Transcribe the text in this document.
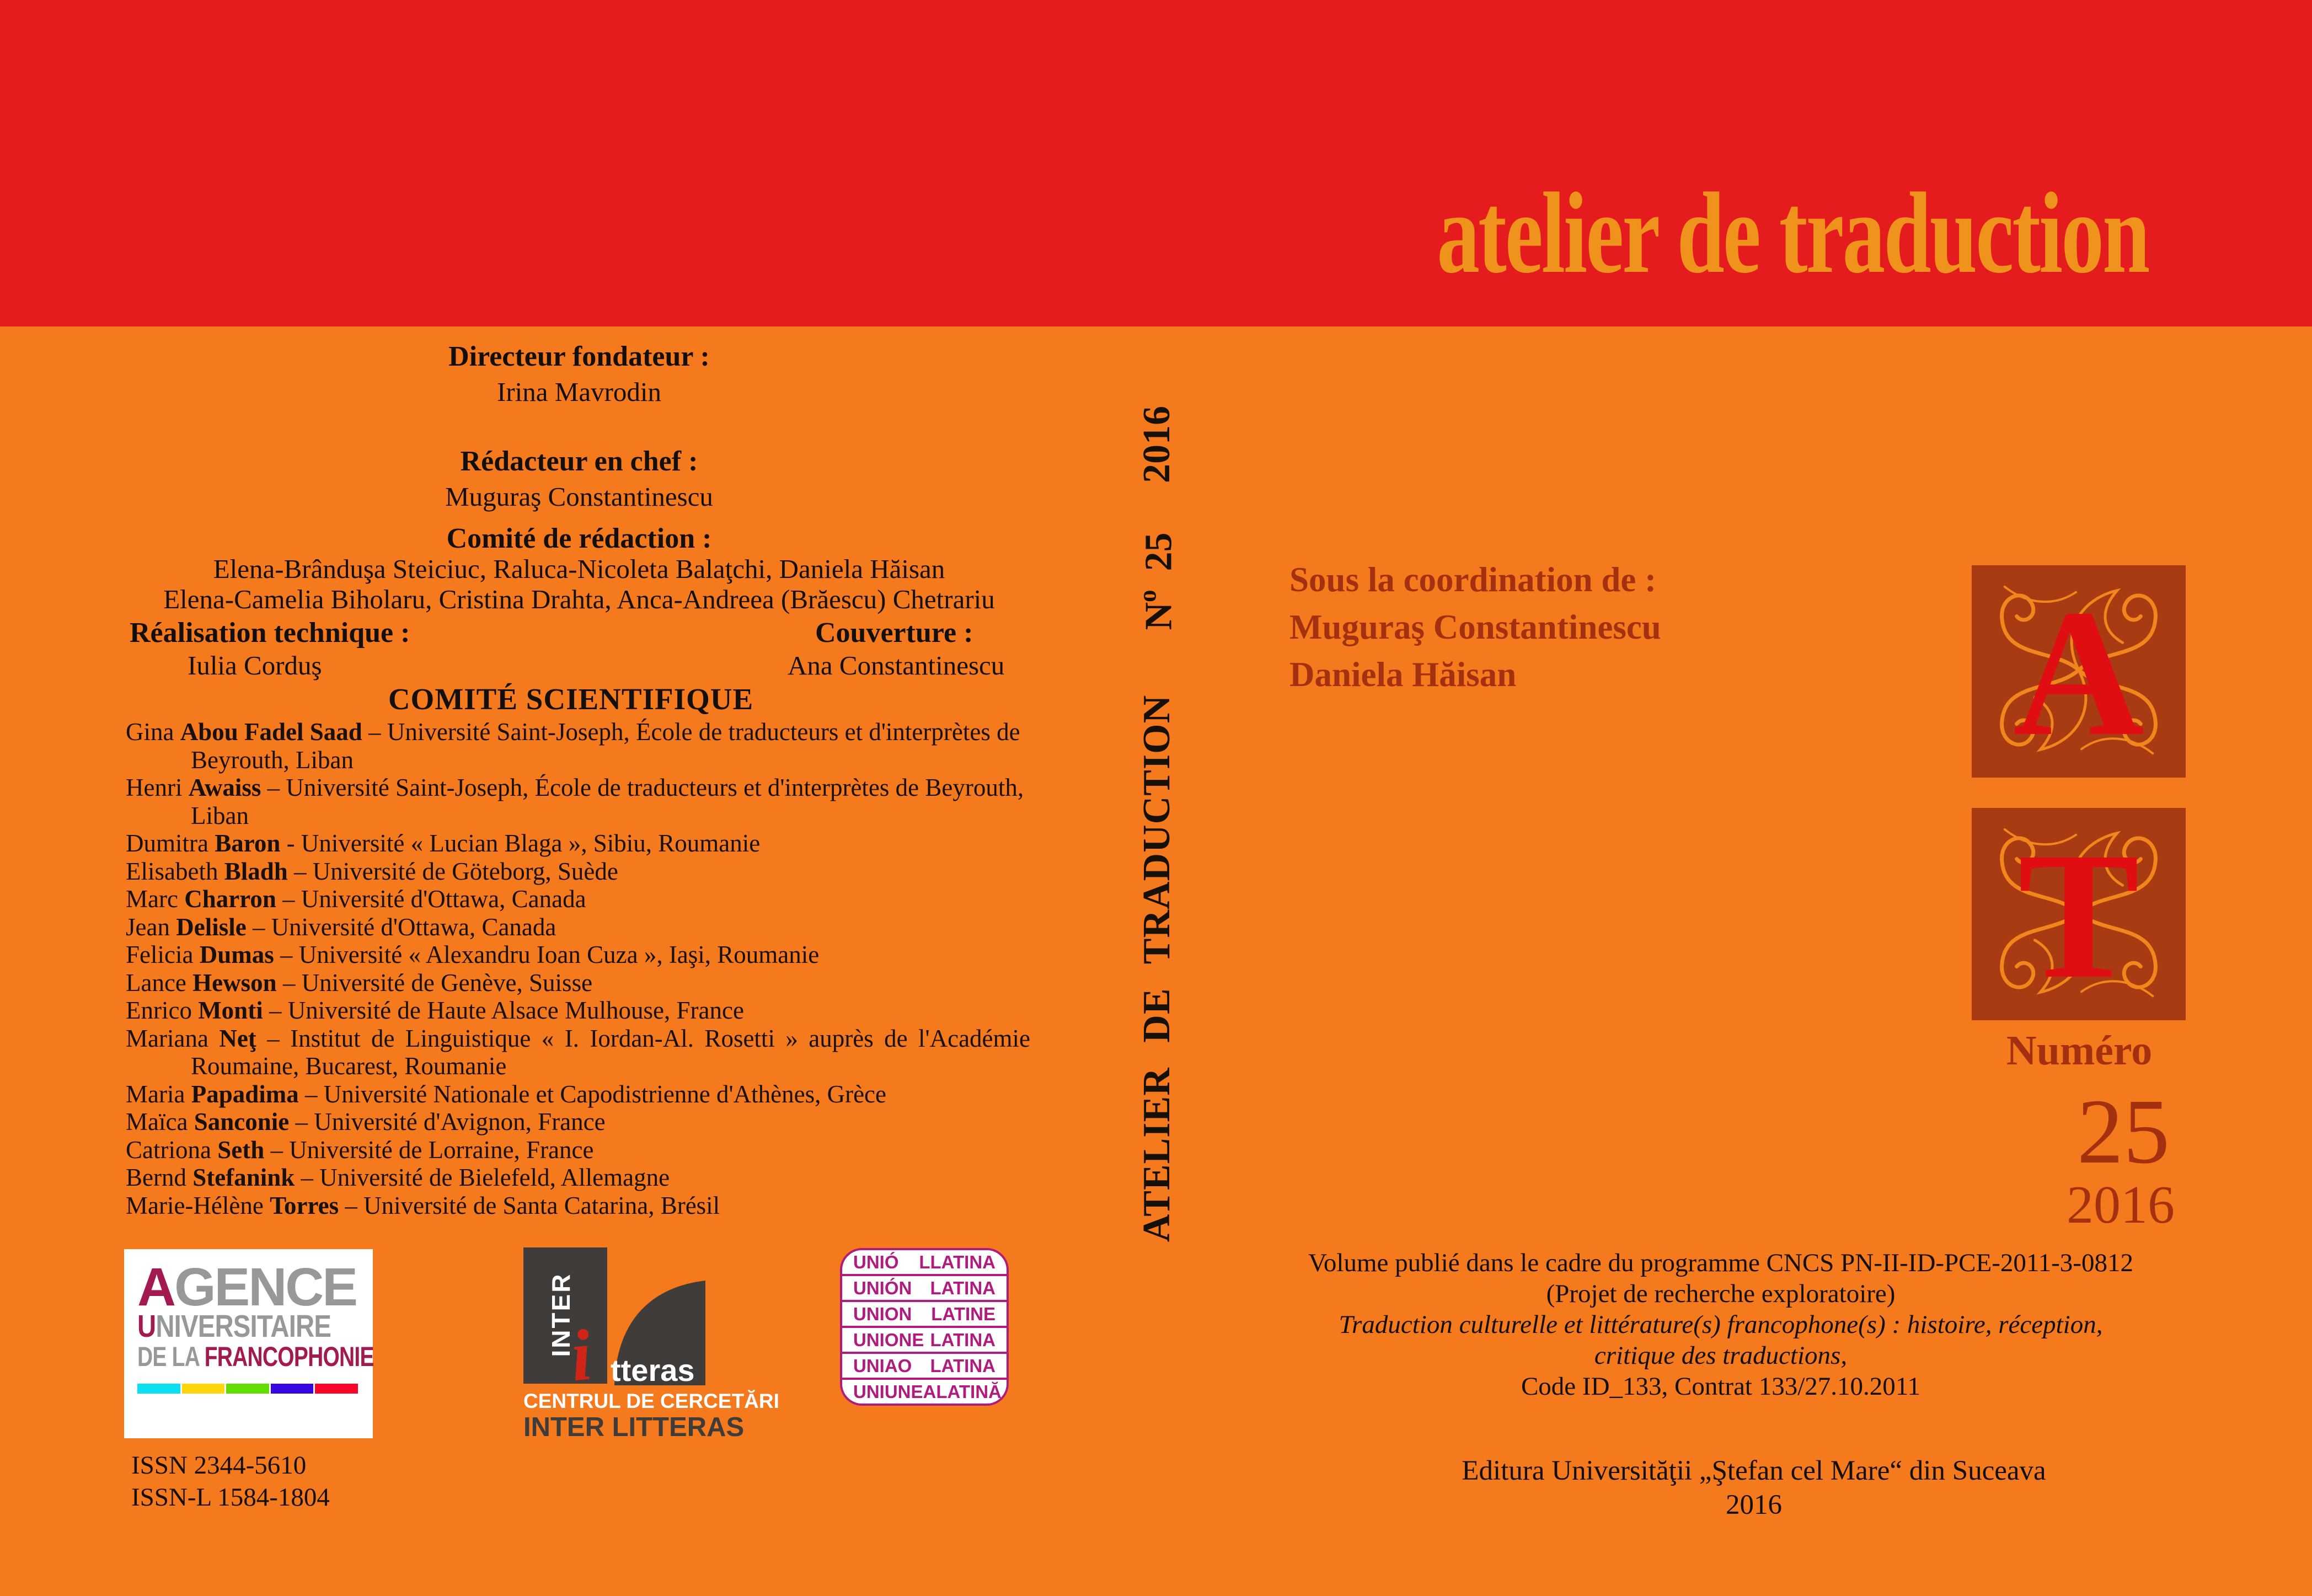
atelier de traduction
Directeur fondateur :
Irina Mavrodin
Rédacteur en chef :
Muguraş Constantinescu
Comité de rédaction :
Elena-Brânduşa Steiciuc, Raluca-Nicoleta Balaţchi, Daniela Hăisan
Elena-Camelia Biholaru, Cristina Drahta, Anca-Andreea (Brăescu) Chetrariu
Réalisation technique :
Iulia Corduş
Couverture :
Ana Constantinescu
COMITÉ SCIENTIFIQUE

Gina Abou Fadel Saad – Université Saint-Joseph, École de traducteurs et d'interprètes de Beyrouth, Liban

Henri Awaiss – Université Saint-Joseph, École de traducteurs et d'interprètes de Beyrouth, Liban

Dumitra Baron - Université « Lucian Blaga », Sibiu, Roumanie

Elisabeth Bladh – Université de Göteborg, Suède

Marc Charron – Université d'Ottawa, Canada

Jean Delisle – Université d'Ottawa, Canada

Felicia Dumas – Université « Alexandru Ioan Cuza », Iaşi, Roumanie

Lance Hewson – Université de Genève, Suisse

Enrico Monti – Université de Haute Alsace Mulhouse, France

Mariana Neţ – Institut de Linguistique « I. Iordan-Al. Rosetti » auprès de l'Académie Roumaine, Bucarest, Roumanie

Maria Papadima – Université Nationale et Capodistrienne d'Athènes, Grèce

Maïca Sanconie – Université d'Avignon, France

Catriona Seth – Université de Lorraine, France

Bernd Stefanink – Université de Bielefeld, Allemagne

Marie-Hélène Torres – Université de Santa Catarina, Brésil

AGENCE
UNIVERSITAIRE
DE LA FRANCOPHONIE	INTER
i tteras
CENTRUL DE CERCETĂRI
INTER LITTERAS
UNIÓ LLATINA
UNIÓN LATINA
UNION LATINE
UNIONE LATINA
UNIAO LATINA
UNIUNEA LATINĂ
ISSN 2344-5610
ISSN-L 1584-1804
2016
$N^o25$
ATELIER DE TRADUCTION
Sous la coordination de :
Muguraş Constantinescu
Daniela Hăisan	A
T
Numéro
25
2016
Volume publié dans le cadre du programme CNCS PN-II-ID-PCE-2011-3-0812
(Projet de recherche exploratoire)
Traduction culturelle et littérature(s) francophone(s) : histoire, réception,
critique des traductions,
Code ID_133, Contrat 133/27.10.2011
Editura Universităţii „Ştefan cel Mare“ din Suceava
2016
